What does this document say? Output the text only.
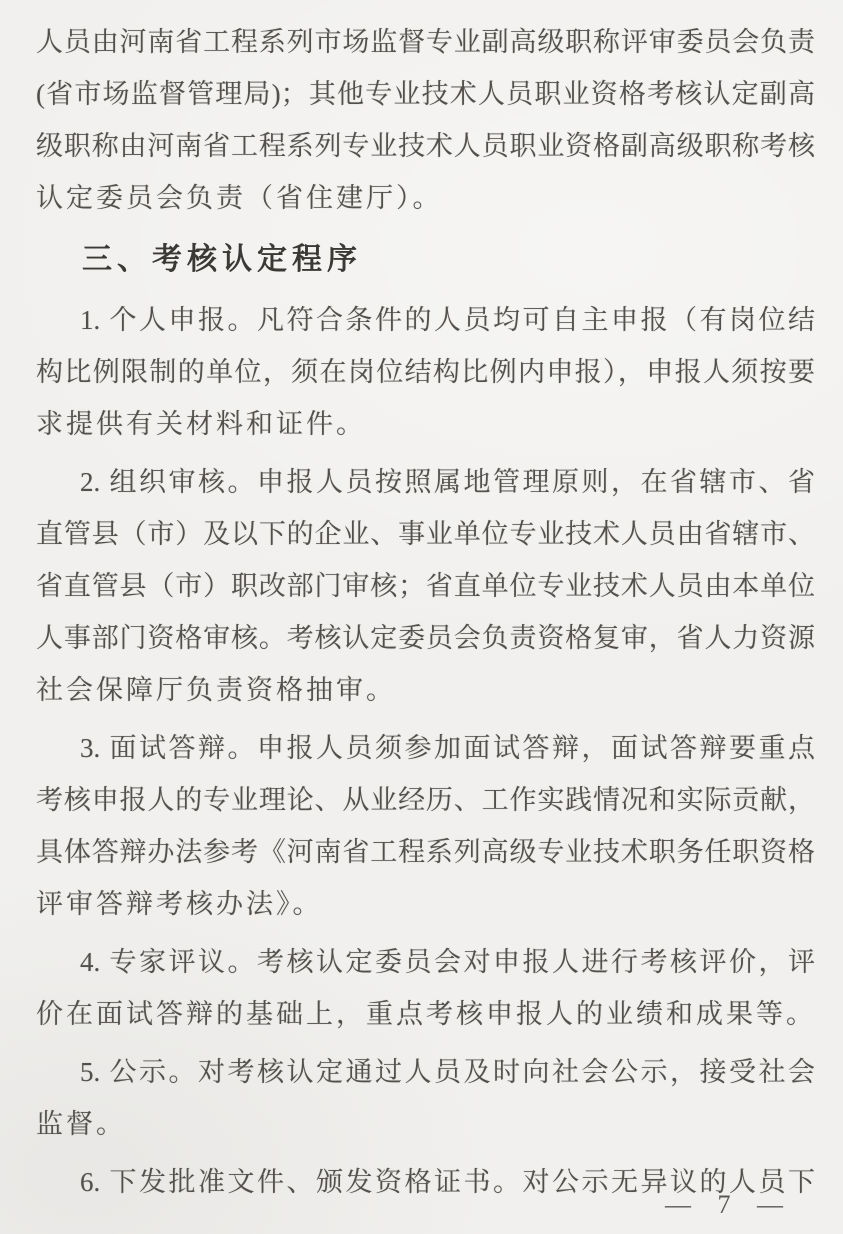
人员由河南省工程系列市场监督专业副高级职称评审委员会负责
(省市场监督管理局)；其他专业技术人员职业资格考核认定副高
级职称由河南省工程系列专业技术人员职业资格副高级职称考核
认定委员会负责（省住建厅）。
三、考核认定程序
1. 个人申报。凡符合条件的人员均可自主申报（有岗位结
构比例限制的单位，须在岗位结构比例内申报），申报人须按要
求提供有关材料和证件。
2. 组织审核。申报人员按照属地管理原则，在省辖市、省
直管县（市）及以下的企业、事业单位专业技术人员由省辖市、
省直管县（市）职改部门审核；省直单位专业技术人员由本单位
人事部门资格审核。考核认定委员会负责资格复审，省人力资源
社会保障厅负责资格抽审。
3. 面试答辩。申报人员须参加面试答辩，面试答辩要重点
考核申报人的专业理论、从业经历、工作实践情况和实际贡献，
具体答辩办法参考《河南省工程系列高级专业技术职务任职资格
评审答辩考核办法》。
4. 专家评议。考核认定委员会对申报人进行考核评价，评
价在面试答辩的基础上，重点考核申报人的业绩和成果等。
5. 公示。对考核认定通过人员及时向社会公示，接受社会
监督。
6. 下发批准文件、颁发资格证书。对公示无异议的人员下
— 7 —
